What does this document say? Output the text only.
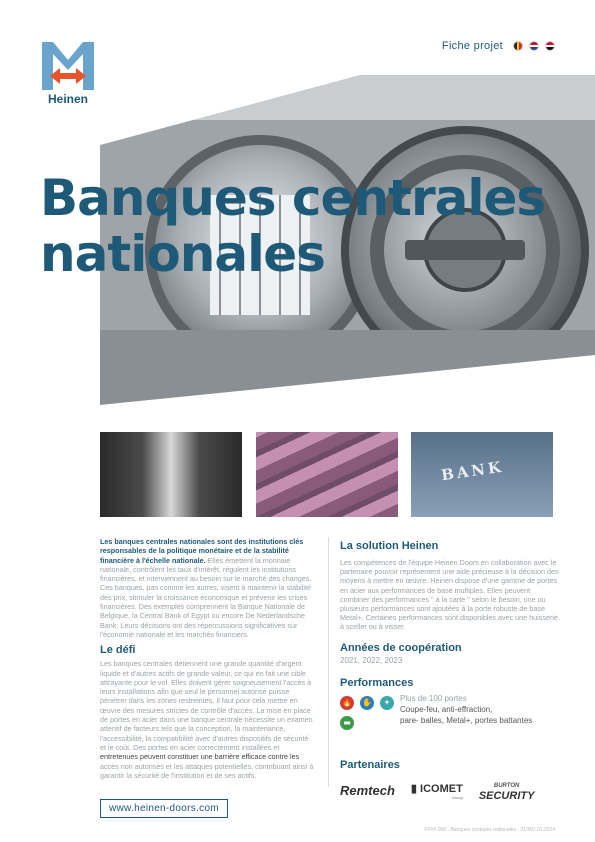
Heinen
Fiche projet
Banques centrales
nationales
BANK

Les banques centrales nationales sont des institutions clés responsables de la politique monétaire et de la stabilité financière à l'échelle nationale. Elles émettent la monnaie nationale, contrôlent les taux d'intérêt, régulent les institutions financières, et interviennent au besoin sur le marché des changes. Ces banques, pas comme les autres, visent à maintenir la stabilité des prix, stimuler la croissance économique et prévenir les crises financières. Des exemples comprennent la Banque Nationale de Belgique, la Central Bank of Egypt ou encore De Nederlandsche Bank. Leurs décisions ont des répercussions significatives sur l'économie nationale et les marchés financiers.

Le défi

Les banques centrales détiennent une grande quantité d'argent liquide et d'autres actifs de grande valeur, ce qui en fait une cible attrayante pour le vol. Elles doivent gérer soigneusement l'accès à leurs installations afin que seul le personnel autorisé puisse pénétrer dans les zones restreintes. Il faut pour cela mettre en œuvre des mesures strictes de contrôle d'accès. La mise en place de portes en acier dans une banque centrale nécessite un examen attentif de facteurs tels que la conception, la maintenance, l'accessibilité, la compatibilité avec d'autres dispositifs de sécurité et le coût. Des portes en acier correctement installées et entretenues peuvent constituer une barrière efficace contre les accès non autorisés et les attaques potentielles, contribuant ainsi à garantir la sécurité de l'institution et de ses actifs.

La solution Heinen

Les compétences de l'équipe Heinen Doors en collaboration avec le partenaire pouvoir représentent une aide précieuse à la décision des moyens à mettre en œuvre. Heinen dispose d'une gamme de portes en acier aux performances de base multiples. Elles peuvent combiner des performances " à la carte " selon le besoin, une ou plusieurs performances sont ajoutées à la porte robuste de base Metal+. Certaines performances sont disponibles avec une huisserie à sceller ou à visser.

Années de coopération
2021, 2022, 2023
Performances
🔥 ✋	✦
▬
Plus de 100 portes
Coupe-feu, anti-effraction,
pare- balles, Metal+, portes battantes
Partenaires
Remtech ▮ ICOMET
Group
BURTON
SECURITY
www.heinen-doors.com
FP##.008 - Banques centrales nationales - 01/MO.01.2024
